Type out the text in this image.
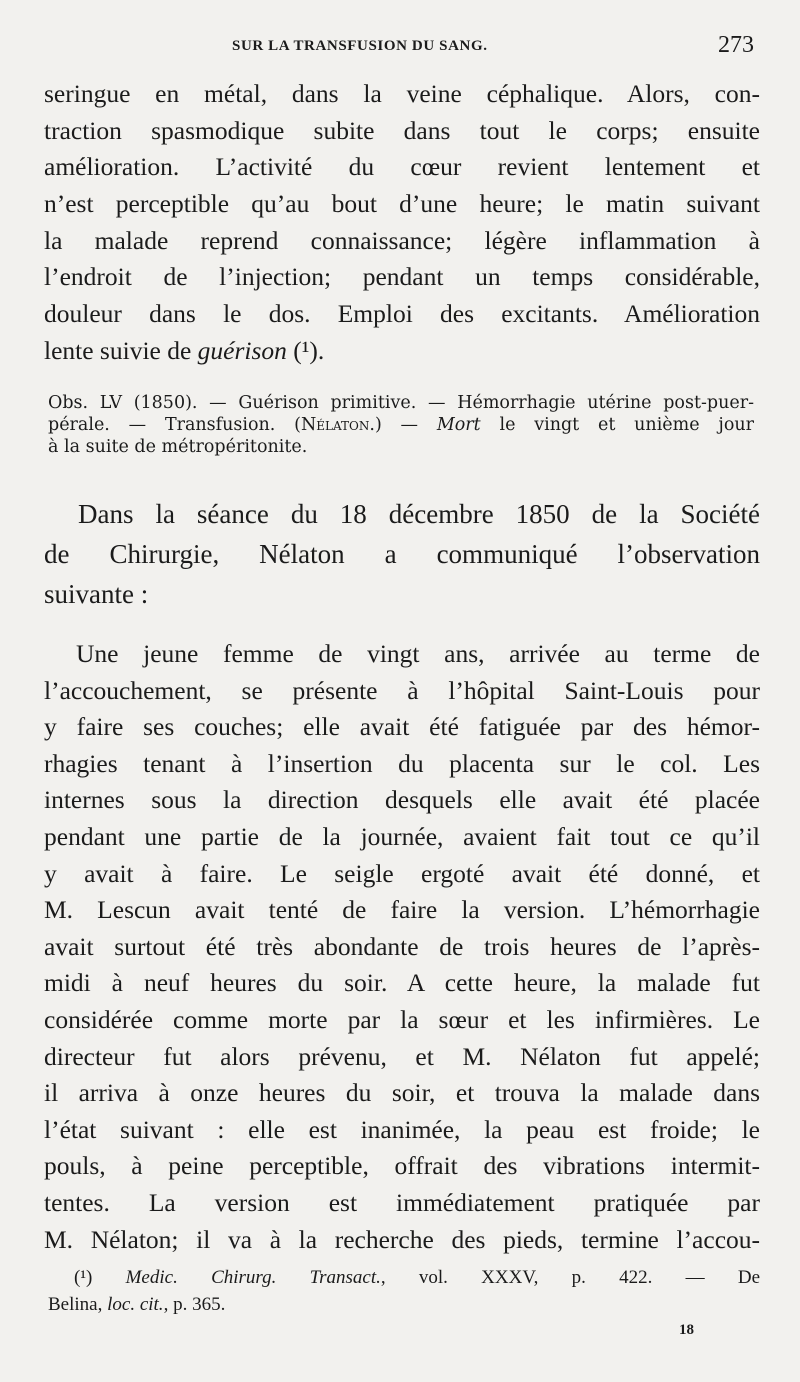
SUR LA TRANSFUSION DU SANG.	273
seringue en métal, dans la veine céphalique. Alors, con-
traction spasmodique subite dans tout le corps; ensuite
amélioration. L’activité du cœur revient lentement et
n’est perceptible qu’au bout d’une heure; le matin suivant
la malade reprend connaissance; légère inflammation à
l’endroit de l’injection; pendant un temps considérable,
douleur dans le dos. Emploi des excitants. Amélioration
lente suivie de guérison (¹).
Obs. LV (1850). — Guérison primitive. — Hémorrhagie utérine post-puer-
pérale. — Transfusion. (Nélaton.) — Mort le vingt et unième jour
à la suite de métropéritonite.
Dans la séance du 18 décembre 1850 de la Société
de Chirurgie, Nélaton a communiqué l’observation
suivante :
Une jeune femme de vingt ans, arrivée au terme de
l’accouchement, se présente à l’hôpital Saint-Louis pour
y faire ses couches; elle avait été fatiguée par des hémor-
rhagies tenant à l’insertion du placenta sur le col. Les
internes sous la direction desquels elle avait été placée
pendant une partie de la journée, avaient fait tout ce qu’il
y avait à faire. Le seigle ergoté avait été donné, et
M. Lescun avait tenté de faire la version. L’hémorrhagie
avait surtout été très abondante de trois heures de l’après-
midi à neuf heures du soir. A cette heure, la malade fut
considérée comme morte par la sœur et les infirmières. Le
directeur fut alors prévenu, et M. Nélaton fut appelé;
il arriva à onze heures du soir, et trouva la malade dans
l’état suivant : elle est inanimée, la peau est froide; le
pouls, à peine perceptible, offrait des vibrations intermit-
tentes. La version est immédiatement pratiquée par
M. Nélaton; il va à la recherche des pieds, termine l’accou-
(¹) Medic. Chirurg. Transact., vol. XXXV, p. 422. — De
Belina, loc. cit., p. 365.
18
